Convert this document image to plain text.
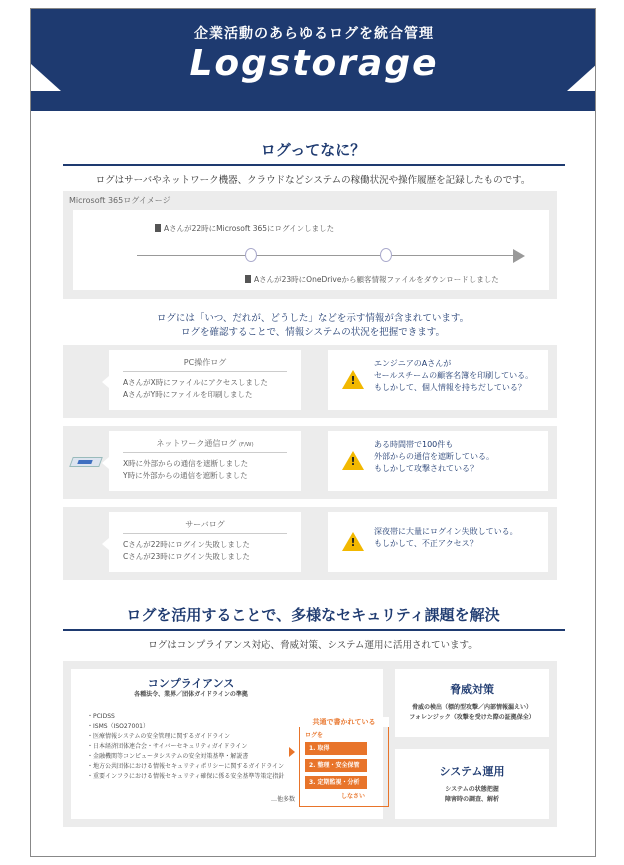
企業活動のあらゆるログを統合管理
Logstorage
ログってなに？
ログはサーバやネットワーク機器、クラウドなどシステムの稼働状況や操作履歴を記録したものです。
Microsoft 365ログイメージ
Aさんが22時にMicrosoft 365にログインしました
Aさんが23時にOneDriveから顧客情報ファイルをダウンロードしました
ログには「いつ、だれが、どうした」などを示す情報が含まれています。
ログを確認することで、情報システムの状況を把握できます。
PC操作ログ
AさんがX時にファイルにアクセスしました
AさんがY時にファイルを印刷しました
!
エンジニアのAさんが
セールスチームの顧客名簿を印刷している。
もしかして、個人情報を持ちだしている？
ネットワーク通信ログ (F/W)
X時に外部からの通信を遮断しました
Y時に外部からの通信を遮断しました
!
ある時間帯で100件も
外部からの通信を遮断している。
もしかして攻撃されている？
サーバログ
Cさんが22時にログイン失敗しました
Cさんが23時にログイン失敗しました
!
深夜帯に大量にログイン失敗している。
もしかして、不正アクセス？
ログを活用することで、多様なセキュリティ課題を解決
ログはコンプライアンス対応、脅威対策、システム運用に活用されています。
コンプライアンス
各種法令、業界／団体ガイドラインの準拠
・PCIDSS
・ISMS（ISO27001）
・医療情報システムの安全管理に関するガイドライン
・日本経済団体連合会・サイバーセキュリティガイドライン
・金融機関等コンピュータシステムの安全対策基準・解説書
・地方公共団体における情報セキュリティポリシーに関するガイドライン
・重要インフラにおける情報セキュリティ確保に係る安全基準等策定指針
…他多数
共通で書かれている
ログを
1. 取得
2. 整理・安全保管
3. 定期監視・分析
しなさい
脅威対策
脅威の検出（標的型攻撃／内部情報漏えい）
フォレンジック（攻撃を受けた際の証拠保全）
システム運用
システムの状態把握
障害時の調査、解析
